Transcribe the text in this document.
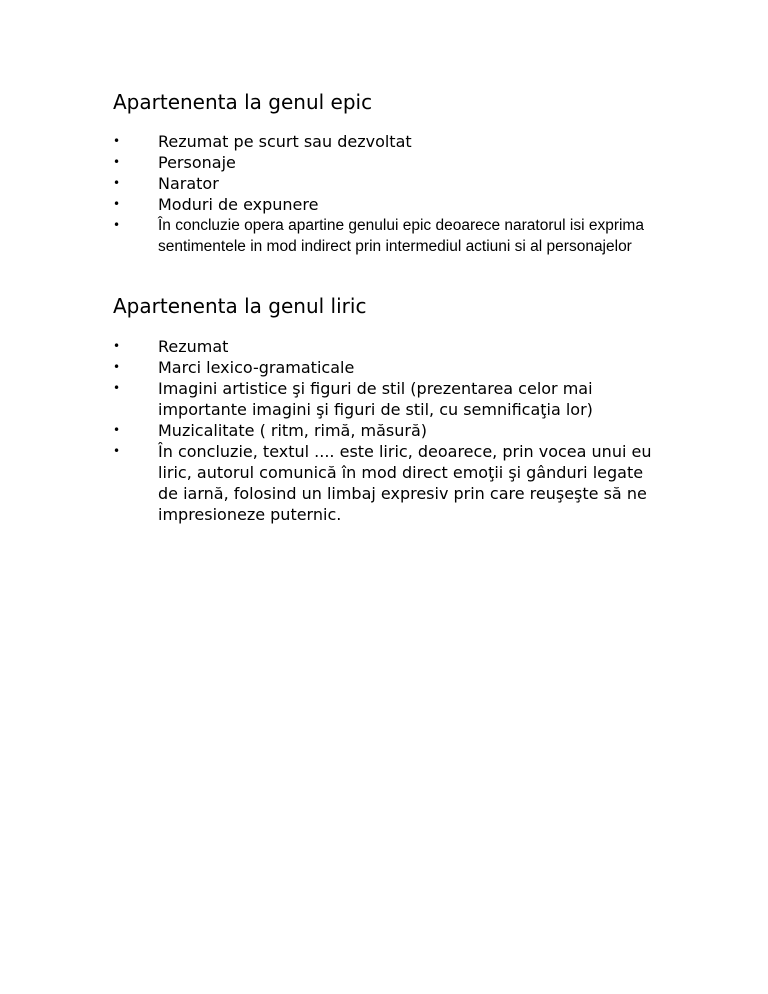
Apartenenta la genul epic
• Rezumat pe scurt sau dezvoltat
• Personaje
• Narator
• Moduri de expunere
• În concluzie opera apartine genului epic deoarece naratorul isi exprima sentimentele in mod indirect prin intermediul actiuni si al personajelor
Apartenenta la genul liric
• Rezumat
• Marci lexico-gramaticale
• Imagini artistice şi figuri de stil (prezentarea celor mai importante imagini şi figuri de stil, cu semnificaţia lor)
• Muzicalitate ( ritm, rimă, măsură)
• În concluzie, textul .... este liric, deoarece, prin vocea unui eu liric, autorul comunică în mod direct emoţii şi gânduri legate de iarnă, folosind un limbaj expresiv prin care reuşeşte să ne impresioneze puternic.
